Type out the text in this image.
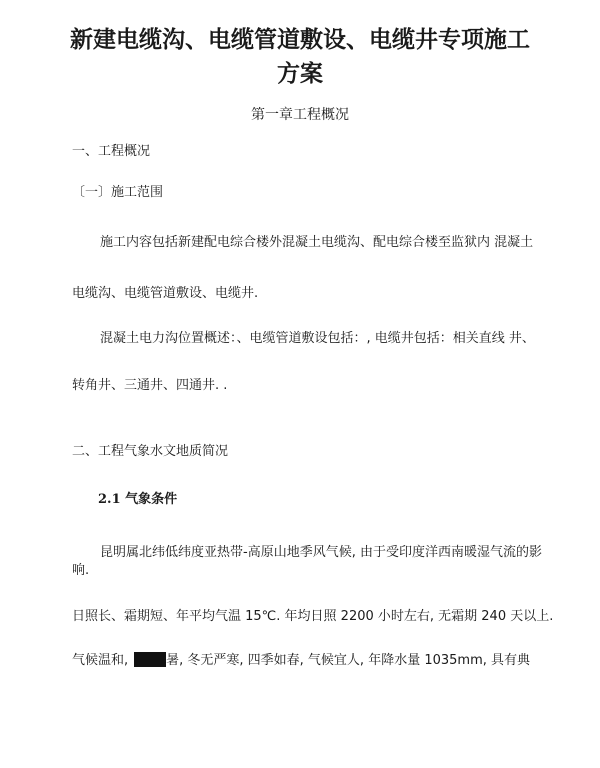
新建电缆沟、电缆管道敷设、电缆井专项施工
方案
第一章工程概况
一、工程概况
〔一〕施工范围
施工内容包括新建配电综合楼外混凝土电缆沟、配电综合楼至监狱内 混凝土
电缆沟、电缆管道敷设、电缆井.
混凝土电力沟位置概述：、电缆管道敷设包括：, 电缆井包括：相关直线 井、
转角井、三通井、四通井. .
二、工程气象水文地质简况
2.1 气象条件
昆明属北纬低纬度亚热带-高原山地季风气候, 由于受印度洋西南暖湿气流的影
响.
日照长、霜期短、年平均气温 15℃. 年均日照 2200 小时左右, 无霜期 240 天以上.
气候温和,	暑, 冬无严寒, 四季如春, 气候宜人, 年降水量 1035mm, 具有典
